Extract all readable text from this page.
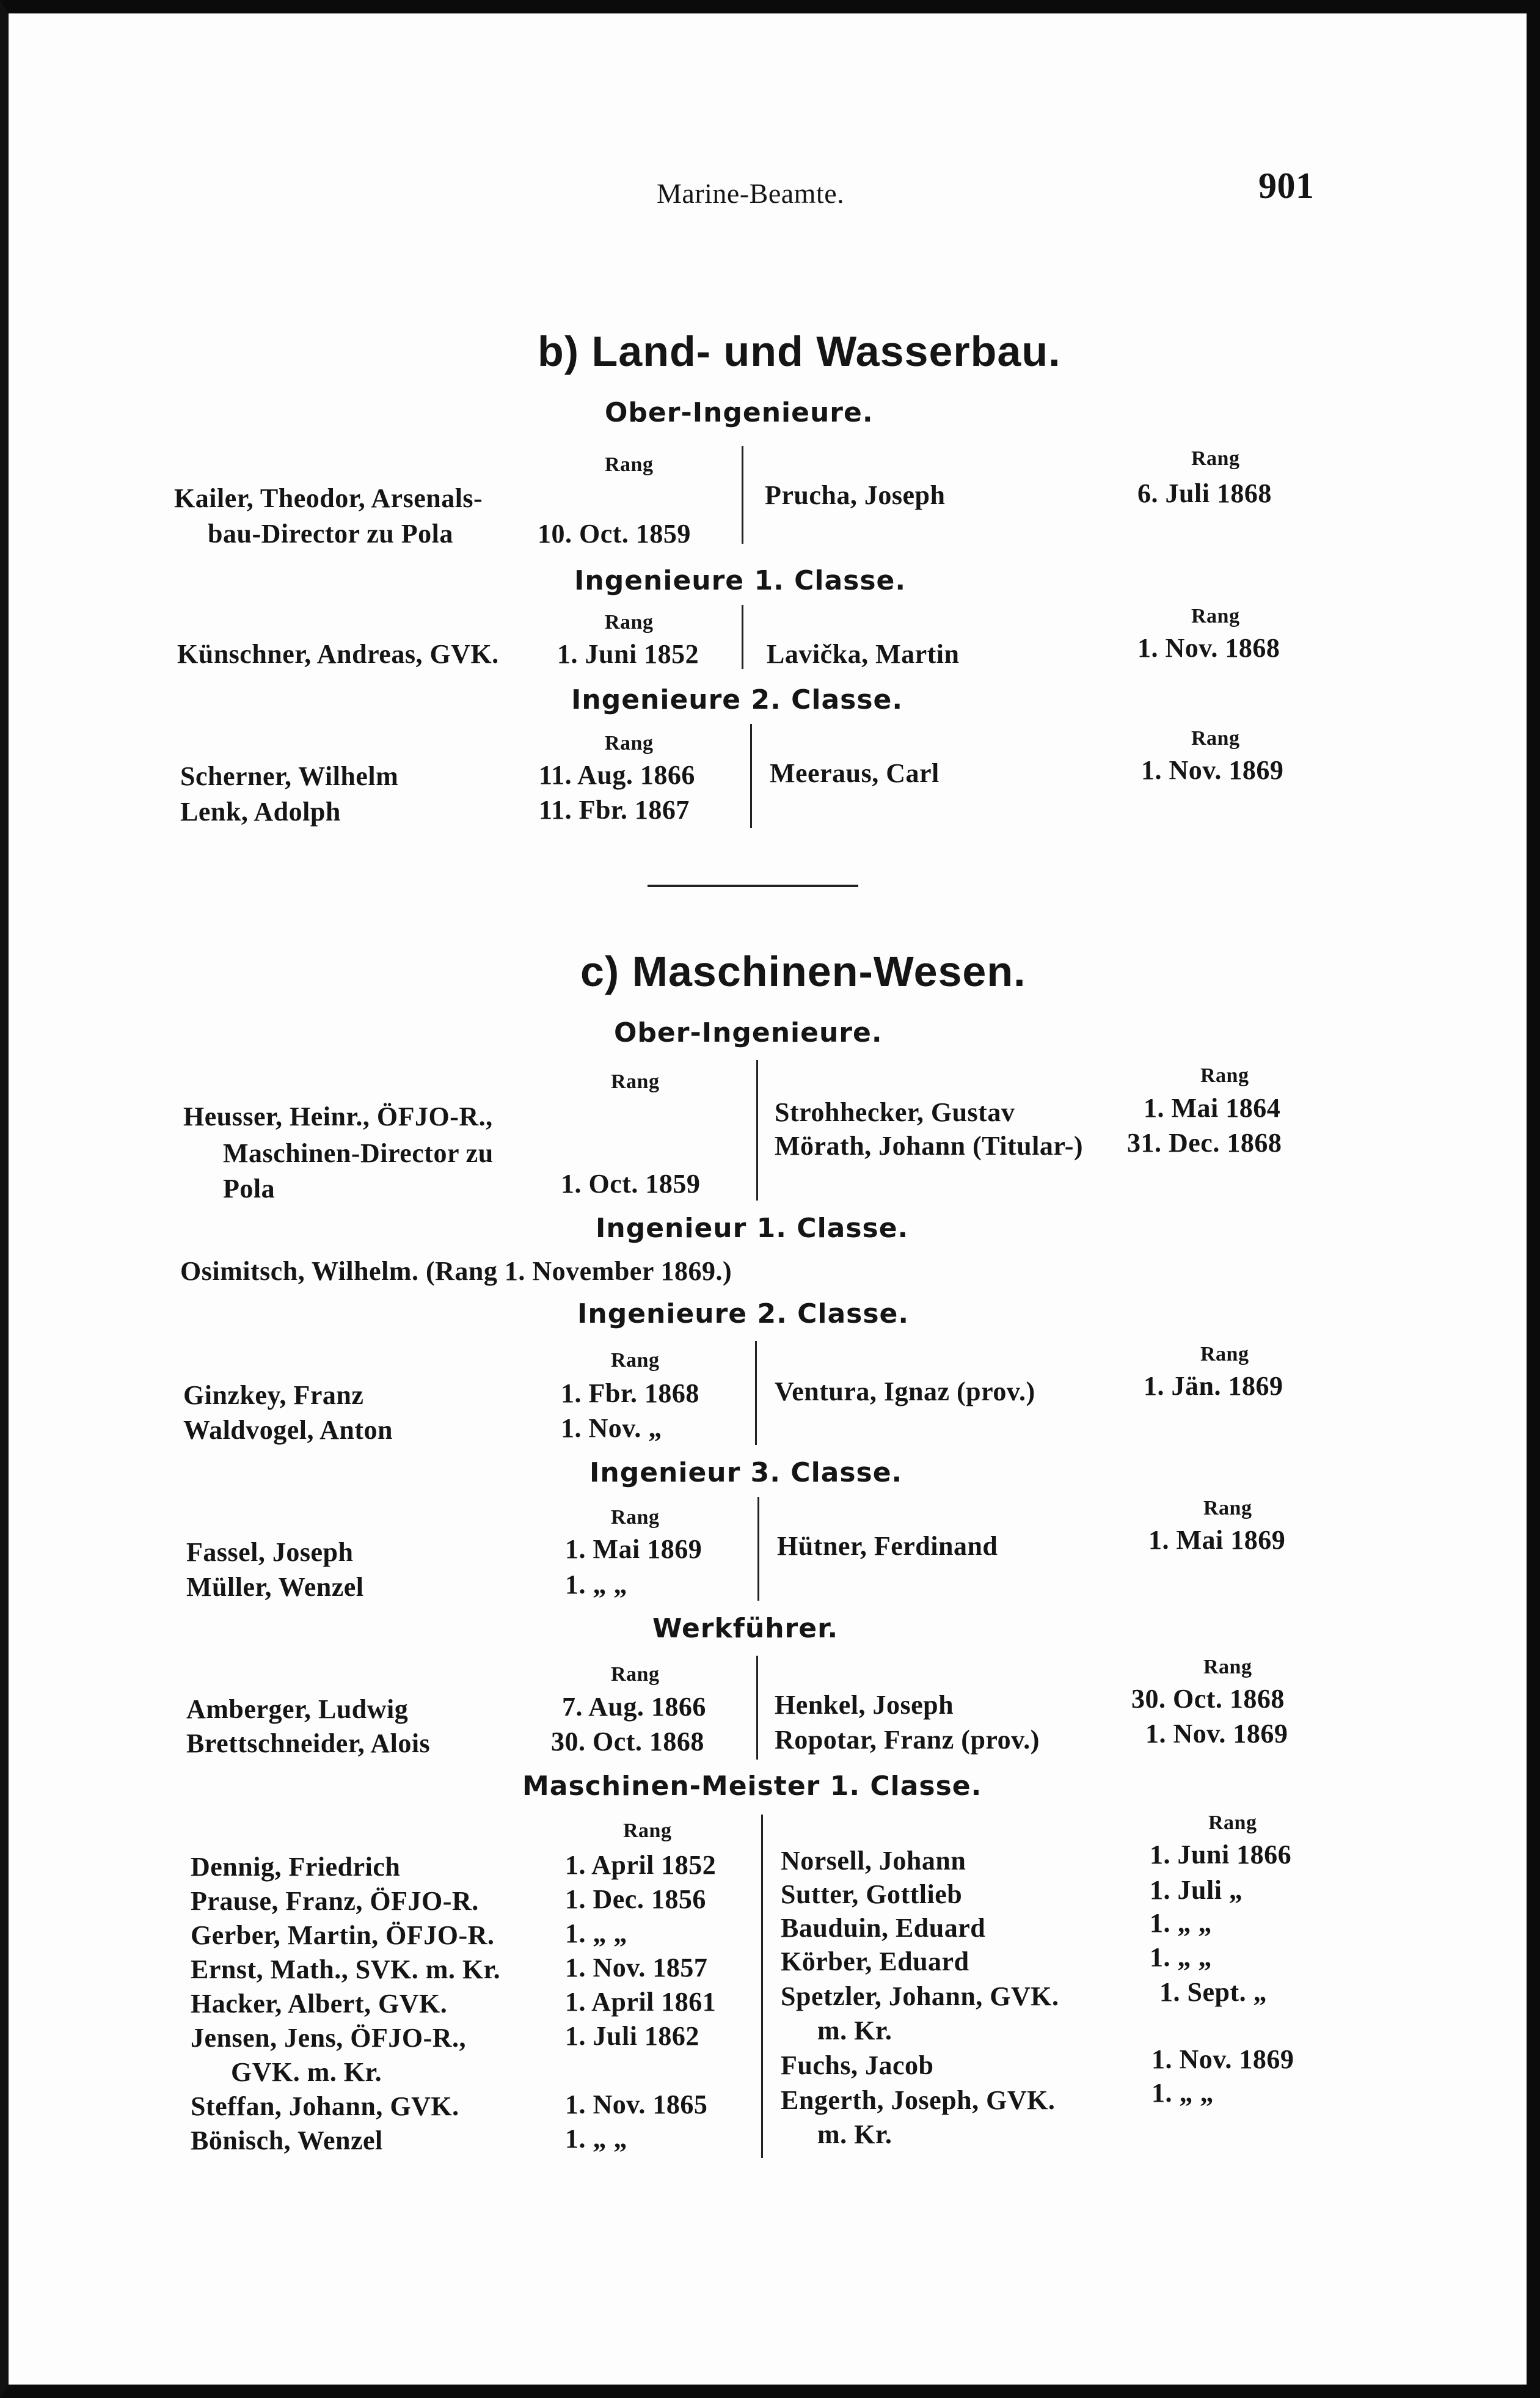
Marine-Beamte.	901
b) Land- und Wasserbau.
Ober-Ingenieure.
Rang	Rang
Kailer, Theodor, Arsenals-
bau-Director zu Pola	10. Oct. 1859
Prucha, Joseph	6. Juli 1868
Ingenieure 1. Classe.
Rang	Rang
Künschner, Andreas, GVK. 1. Juni 1852	Lavička, Martin	1. Nov. 1868
Ingenieure 2. Classe.
Rang	Rang
Scherner, Wilhelm	11. Aug. 1866
Lenk, Adolph	11. Fbr. 1867
Meeraus, Carl	1. Nov. 1869
c) Maschinen-Wesen.
Ober-Ingenieure.
Rang	Rang
Heusser, Heinr., ÖFJO-R.,
Maschinen-Director zu
Pola	1. Oct. 1859
Strohhecker, Gustav	1. Mai 1864
Mörath, Johann (Titular-) 31. Dec. 1868
Ingenieur 1. Classe.
Osimitsch, Wilhelm. (Rang 1. November 1869.)
Ingenieure 2. Classe.
Rang	Rang
Ginzkey, Franz	1. Fbr. 1868
Waldvogel, Anton	1. Nov. „
Ventura, Ignaz (prov.)	1. Jän. 1869
Ingenieur 3. Classe.
Rang	Rang
Fassel, Joseph	1. Mai 1869
Müller, Wenzel	1. „ „
Hütner, Ferdinand	1. Mai 1869
Werkführer.
Rang	Rang
Amberger, Ludwig	7. Aug. 1866
Brettschneider, Alois	30. Oct. 1868
Henkel, Joseph	30. Oct. 1868
Ropotar, Franz (prov.)	1. Nov. 1869
Maschinen-Meister 1. Classe.
Rang	Rang
Dennig, Friedrich	1. April 1852
Prause, Franz, ÖFJO-R.	1. Dec. 1856
Gerber, Martin, ÖFJO-R.	1. „ „
Ernst, Math., SVK. m. Kr. 1. Nov. 1857
Hacker, Albert, GVK.	1. April 1861
Jensen, Jens, ÖFJO-R.,	1. Juli 1862
GVK. m. Kr.
Steffan, Johann, GVK.	1. Nov. 1865
Bönisch, Wenzel	1. „ „
Norsell, Johann	1. Juni 1866
Sutter, Gottlieb	1. Juli „
Bauduin, Eduard	1. „ „
Körber, Eduard	1. „ „
Spetzler, Johann, GVK.	1. Sept. „
m. Kr.
Fuchs, Jacob	1. Nov. 1869
Engerth, Joseph, GVK.	1. „ „
m. Kr.
